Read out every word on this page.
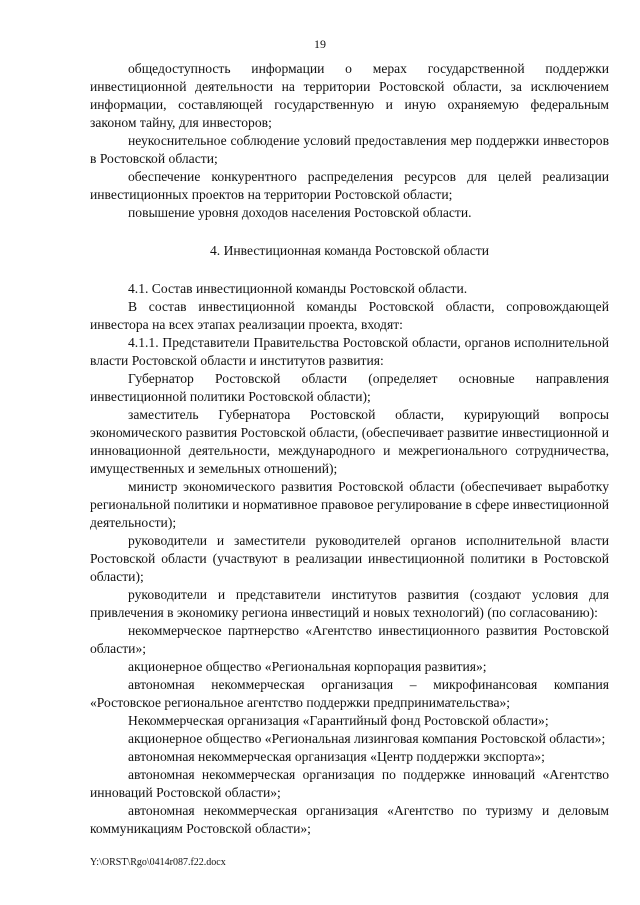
19

общедоступность информации о мерах государственной поддержки инвестиционной деятельности на территории Ростовской области, за исключением информации, составляющей государственную и иную охраняемую федеральным законом тайну, для инвесторов;

неукоснительное соблюдение условий предоставления мер поддержки инвесторов в Ростовской области;

обеспечение конкурентного распределения ресурсов для целей реализации инвестиционных проектов на территории Ростовской области;

повышение уровня доходов населения Ростовской области.

4. Инвестиционная команда Ростовской области

4.1. Состав инвестиционной команды Ростовской области.

В состав инвестиционной команды Ростовской области, сопровождающей инвестора на всех этапах реализации проекта, входят:

4.1.1. Представители Правительства Ростовской области, органов исполнительной власти Ростовской области и институтов развития:

Губернатор Ростовской области (определяет основные направления инвестиционной политики Ростовской области);

заместитель Губернатора Ростовской области, курирующий вопросы экономического развития Ростовской области, (обеспечивает развитие инвестиционной и инновационной деятельности, международного и межрегионального сотрудничества, имущественных и земельных отношений);

министр экономического развития Ростовской области (обеспечивает выработку региональной политики и нормативное правовое регулирование в сфере инвестиционной деятельности);

руководители и заместители руководителей органов исполнительной власти Ростовской области (участвуют в реализации инвестиционной политики в Ростовской области);

руководители и представители институтов развития (создают условия для привлечения в экономику региона инвестиций и новых технологий) (по согласованию):

некоммерческое партнерство «Агентство инвестиционного развития Ростовской области»;

акционерное общество «Региональная корпорация развития»;

автономная некоммерческая организация – микрофинансовая компания «Ростовское региональное агентство поддержки предпринимательства»;

Некоммерческая организация «Гарантийный фонд Ростовской области»;

акционерное общество «Региональная лизинговая компания Ростовской области»;

автономная некоммерческая организация «Центр поддержки экспорта»;

автономная некоммерческая организация по поддержке инноваций «Агентство инноваций Ростовской области»;

автономная некоммерческая организация «Агентство по туризму и деловым коммуникациям Ростовской области»;

Y:\ORST\Rgo\0414r087.f22.docx
